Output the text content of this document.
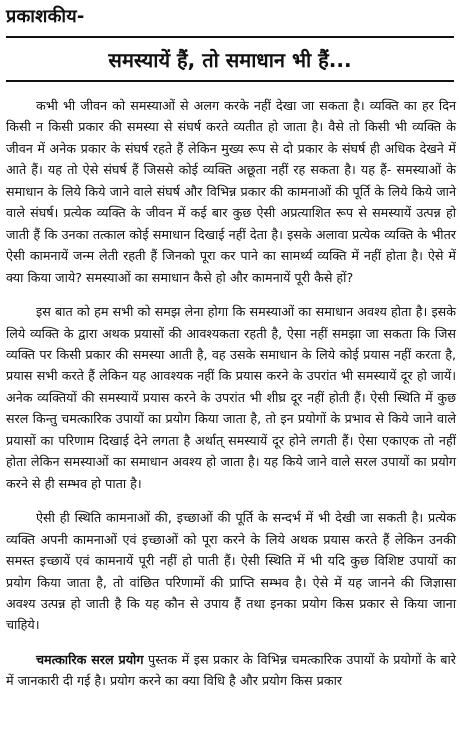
प्रकाशकीय-
समस्यायें हैं, तो समाधान भी हैं...

कभी भी जीवन को समस्याओं से अलग करके नहीं देखा जा सकता है। व्यक्ति का हर दिन किसी न किसी प्रकार की समस्या से संघर्ष करते व्यतीत हो जाता है। वैसे तो किसी भी व्यक्ति के जीवन में अनेक प्रकार के संघर्ष रहते हैं लेकिन मुख्य रूप से दो प्रकार के संघर्ष ही अधिक देखने में आते हैं। यह तो ऐसे संघर्ष हैं जिससे कोई व्यक्ति अछूता नहीं रह सकता है। यह हैं- समस्याओं के समाधान के लिये किये जाने वाले संघर्ष और विभिन्न प्रकार की कामनाओं की पूर्ति के लिये किये जाने वाले संघर्ष। प्रत्येक व्यक्ति के जीवन में कई बार कुछ ऐसी अप्रत्याशित रूप से समस्यायें उत्पन्न हो जाती हैं कि उनका तत्काल कोई समाधान दिखाई नहीं देता है। इसके अलावा प्रत्येक व्यक्ति के भीतर ऐसी कामनायें जन्म लेती रहती हैं जिनको पूरा कर पाने का सामर्थ्य व्यक्ति में नहीं होता है। ऐसे में क्या किया जाये? समस्याओं का समाधान कैसे हो और कामनायें पूरी कैसे हों?

इस बात को हम सभी को समझ लेना होगा कि समस्याओं का समाधान अवश्य होता है। इसके लिये व्यक्ति के द्वारा अथक प्रयासों की आवश्यकता रहती है, ऐसा नहीं समझा जा सकता कि जिस व्यक्ति पर किसी प्रकार की समस्या आती है, वह उसके समाधान के लिये कोई प्रयास नहीं करता है, प्रयास सभी करते हैं लेकिन यह आवश्यक नहीं कि प्रयास करने के उपरांत भी समस्यायें दूर हो जायें। अनेक व्यक्तियों की समस्यायें प्रयास करने के उपरांत भी शीघ्र दूर नहीं होती हैं। ऐसी स्थिति में कुछ सरल किन्तु चमत्कारिक उपायों का प्रयोग किया जाता है, तो इन प्रयोगों के प्रभाव से किये जाने वाले प्रयासों का परिणाम दिखाई देने लगता है अर्थात् समस्यायें दूर होने लगती हैं। ऐसा एकाएक तो नहीं होता लेकिन समस्याओं का समाधान अवश्य हो जाता है। यह किये जाने वाले सरल उपायों का प्रयोग करने से ही सम्भव हो पाता है।

ऐसी ही स्थिति कामनाओं की, इच्छाओं की पूर्ति के सन्दर्भ में भी देखी जा सकती है। प्रत्येक व्यक्ति अपनी कामनाओं एवं इच्छाओं को पूरा करने के लिये अथक प्रयास करते हैं लेकिन उनकी समस्त इच्छायें एवं कामनायें पूरी नहीं हो पाती हैं। ऐसी स्थिति में भी यदि कुछ विशिष्ट उपायों का प्रयोग किया जाता है, तो वांछित परिणामों की प्राप्ति सम्भव है। ऐसे में यह जानने की जिज्ञासा अवश्य उत्पन्न हो जाती है कि यह कौन से उपाय हैं तथा इनका प्रयोग किस प्रकार से किया जाना चाहिये।

चमत्कारिक सरल प्रयोग पुस्तक में इस प्रकार के विभिन्न चमत्कारिक उपायों के प्रयोगों के बारे में जानकारी दी गई है। प्रयोग करने का क्या विधि है और प्रयोग किस प्रकार
